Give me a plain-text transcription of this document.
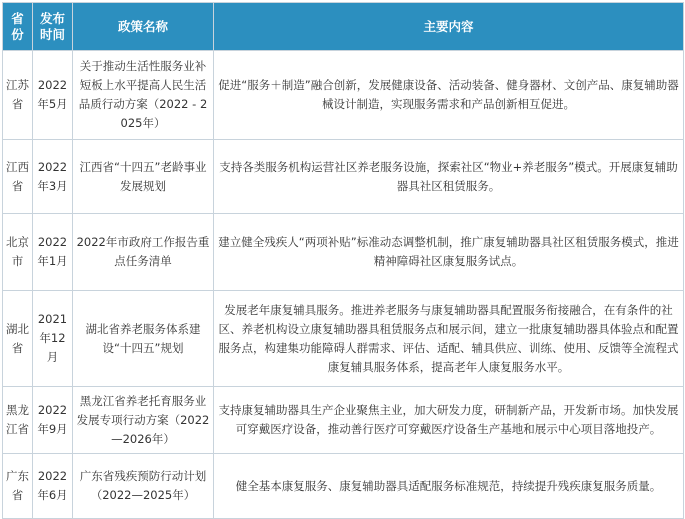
省份	发布时间	政策名称	主要内容
江苏省	2022年5月	关于推动生活性服务业补短板上水平提高人民生活品质行动方案（2022 - 2025年）	促进“服务＋制造”融合创新，发展健康设备、活动装备、健身器材、文创产品、康复辅助器械设计制造，实现服务需求和产品创新相互促进。
江西省	2022年3月	江西省“十四五”老龄事业发展规划	支持各类服务机构运营社区养老服务设施，探索社区“物业+养老服务”模式。开展康复辅助器具社区租赁服务。
北京市	2022年1月	2022年市政府工作报告重点任务清单	建立健全残疾人“两项补贴”标准动态调整机制，推广康复辅助器具社区租赁服务模式，推进精神障碍社区康复服务试点。
湖北省	2021年12月	湖北省养老服务体系建设“十四五”规划	发展老年康复辅具服务。推进养老服务与康复辅助器具配置服务衔接融合，在有条件的社区、养老机构设立康复辅助器具租赁服务点和展示间，建立一批康复辅助器具体验点和配置服务点，构建集功能障碍人群需求、评估、适配、辅具供应、训练、使用、反馈等全流程式康复辅具服务体系，提高老年人康复服务水平。
黑龙江省	2022年9月	黑龙江省养老托育服务业发展专项行动方案（2022—2026年）	支持康复辅助器具生产企业聚焦主业，加大研发力度，研制新产品，开发新市场。加快发展可穿戴医疗设备，推动善行医疗可穿戴医疗设备生产基地和展示中心项目落地投产。
广东省	2022年6月	广东省残疾预防行动计划（2022—2025年）	健全基本康复服务、康复辅助器具适配服务标准规范，持续提升残疾康复服务质量。
